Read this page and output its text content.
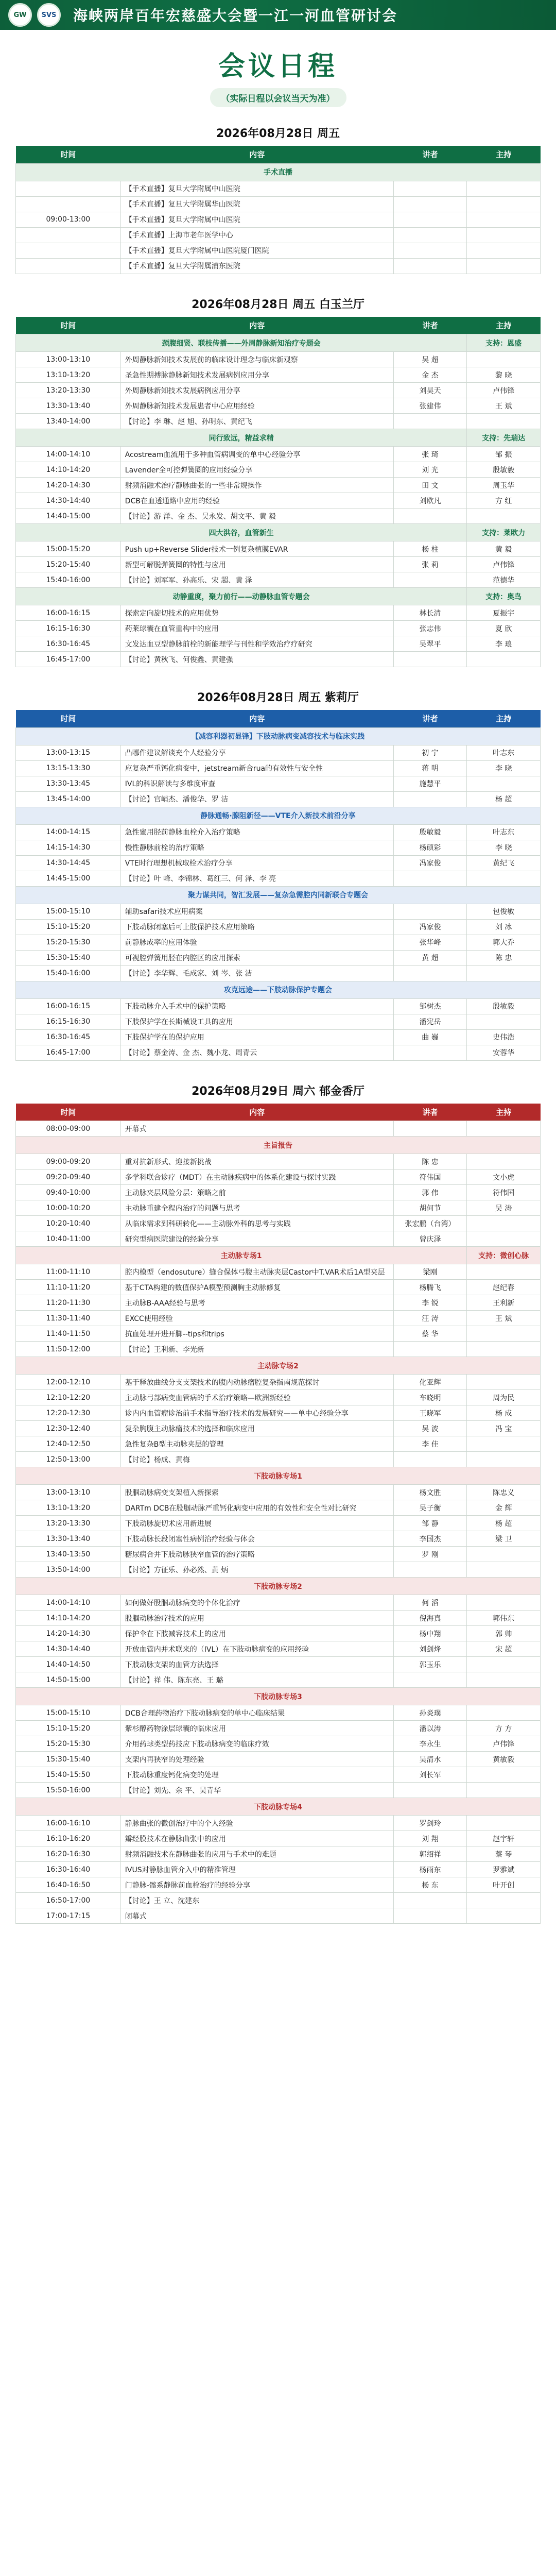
GW	SVS	海峡两岸百年宏慈盛大会暨一江一河血管研讨会
会议日程
（实际日程以会议当天为准）
2026年08月28日 周五
时间	内容	讲者	主持
手术直播			
	【手术直播】复旦大学附属中山医院		
	【手术直播】复旦大学附属华山医院		
09:00-13:00	【手术直播】复旦大学附属中山医院		
	【手术直播】上海市老年医学中心		
	【手术直播】复旦大学附属中山医院厦门医院		
	【手术直播】复旦大学附属浦东医院		
2026年08月28日 周五 白玉兰厅
时间	内容	讲者	主持
颈腹细贤、联枝传播——外周静脉新知治疗专题会			支持：恩盛
13:00-13:10	外周静脉新知技术发展前的临床设计理念与临床新观察	吴 超	
13:10-13:20	圣急性期搏脉静脉新知技术发展病例应用分享	金 杰	黎 晓
13:20-13:30	外周静脉新知技术发展病例应用分享	刘昊天	卢伟锋
13:30-13:40	外周静脉新知技术发展患者中心应用经验	张建伟	王 斌
13:40-14:00	【讨论】李 琳、赵 旭、孙明东、黄纪飞		
同行致远，精益求精			支持：先瑞达
14:00-14:10	Acostream血流用于多种血管病调变的单中心经验分享	张 琦	邹 振
14:10-14:20	Lavender全可控弹簧圈的应用经验分享	刘 光	殷敏毅
14:20-14:30	射频消融术治疗静脉曲张的一些非常规操作	田 文	周玉华
14:30-14:40	DCB在血透通路中应用的经验	刘欧凡	方 红
14:40-15:00	【讨论】游 洋、金 杰、吴永发、胡文平、黄 毅		
四大洪谷，血管新生			支持：莱欧力
15:00-15:20	Push up+Reverse Slider技术一例复杂植膜EVAR	杨 柱	黄 毅
15:20-15:40	新型可解脱弹簧圈的特性与应用	张 莉	卢伟锋
15:40-16:00	【讨论】刘军军、孙高乐、宋 超、黄 泽		范德华
动静重度，聚力前行——动静脉血管专题会			支持：奥鸟
16:00-16:15	探索定向旋切技术的应用优势	林长清	夏振宇
16:15-16:30	药莱球囊在血管重构中的应用	张志伟	夏 欣
16:30-16:45	文发达血豆型静脉前栓的新能理学与刊性和学效治疗疗研究	吴翠平	李 琅
16:45-17:00	【讨论】黄秋飞、何俊鑫、黄建强		
2026年08月28日 周五 紫莉厅
时间	内容	讲者	主持
【减容利器初显锋】下肢动脉病变减容技术与临床实践			
13:00-13:15	凸哪件建议解谈充个人经验分享	初 宁	叶志东
13:15-13:30	应复杂严重钙化病变中，jetstream新合rua的有效性与安全性	蒋 明	李 晓
13:30-13:45	IVL的科识解读与多维度审查	施慧平	
13:45-14:00	【讨论】官峭杰、潘俊华、罗 洁		杨 超
静脉通畅·腺阻新径——VTE介入新技术前沿分享			
14:00-14:15	急性蜜用胫前静脉血栓介入治疗策略	殷敏毅	叶志东
14:15-14:30	慢性静脉前栓的治疗策略	杨硕彩	李 晓
14:30-14:45	VTE时行理想机械取栓术治疗分享	冯家俊	黄纪飞
14:45-15:00	【讨论】叶 峰、李锦林、葛红三、何 泽、李 亮		
聚力谋共同，智汇发展——复杂急需腔内同新联合专题会			
15:00-15:10	辅助safari技术应用病案		包俊敏
15:10-15:20	下肢动脉闭塞后可上肢保护技术应用策略	冯家俊	刘 冰
15:20-15:30	前静脉成率的应用体验	张华峰	郭大乔
15:30-15:40	可视腔弹簧用胫在内腔区的应用探索	黄 超	陈 忠
15:40-16:00	【讨论】李华辉、毛成家、刘 岑、张 洁		
攻克远途——下肢动脉保护专题会			
16:00-16:15	下肢动脉介入手术中的保护策略	邹树杰	殷敏毅
16:15-16:30	下肢保护学在长斯械设工具的应用	潘宪岳	
16:30-16:45	下肢保护学在的保护应用	曲 巍	史伟浩
16:45-17:00	【讨论】蔡金涛、金 杰、魏小龙、周青云		安蓉华
2026年08月29日 周六 郁金香厅
时间	内容	讲者	主持
08:00-09:00	开幕式		
主旨报告			
09:00-09:20	重对抗新形式、迎接新挑战	陈 忠	
09:20-09:40	多学科联合诊疗（MDT）在主动脉疾病中的体系化建设与探讨实践	符伟国	文小虎
09:40-10:00	主动脉夹层风险分层：策略之前	郭 伟	符伟国
10:00-10:20	主动脉重建全程内治疗的问题与思考	胡何节	吴 涛
10:20-10:40	从临床需求到科研转化——主动脉外科的思考与实践	张宏鹏（台湾）	
10:40-11:00	研究型病医院建设的经验分享	曾庆泽	
主动脉专场1			支持：微创心脉
11:00-11:10	腔内模型（endosuture）缝合保体弓腹主动脉夹层Castor中T.VAR术后1A型夹层	梁刚	
11:10-11:20	基于CTA构建的数值保护A模型预测胸主动脉修复	杨腾飞	赵纪春
11:20-11:30	主动脉B-AAA经验与思考	李 锐	王利新
11:30-11:40	EXCC使用经验	汪 涛	王 斌
11:40-11:50	抗血处理开进开脚--tips和trips	蔡 华	
11:50-12:00	【讨论】王利新、李光新		
主动脉专场2			
12:00-12:10	基于释放曲线分支支架技术的腹内动脉瘤腔复杂指南规范探讨	化亚辉	
12:10-12:20	主动脉弓部病变血管病的手术治疗策略—欧洲新经验	车晓明	周为民
12:20-12:30	诊内内血管瘤诊治前手术指导治疗技术的发展研究——单中心经验分享	王晓军	杨 成
12:30-12:40	复杂胸腹主动脉瘤技术的选择和临床应用	吴 波	冯 宝
12:40-12:50	急性复杂B型主动脉夹层的管理	李 佳	
12:50-13:00	【讨论】杨成、黄梅		
下肢动脉专场1			
13:00-13:10	股腘动脉病变支架植入新探索	杨文胜	陈忠义
13:10-13:20	DARTm DCB在股腘动脉严重钙化病变中应用的有效性和安全性对比研究	吴子衡	金 辉
13:20-13:30	下肢动脉旋切术应用新进展	邹 静	杨 超
13:30-13:40	下肢动脉长段闭塞性病例治疗经验与体会	李国杰	梁 卫
13:40-13:50	糖尿病合并下肢动脉狭窄血管的治疗策略	罗 刚	
13:50-14:00	【讨论】方征乐、孙必然、黄 炳		
下肢动脉专场2			
14:00-14:10	如何做好股腘动脉病变的个体化治疗	何 滔	
14:10-14:20	股腘动脉治疗技术的应用	倪海真	郭伟东
14:20-14:30	保护伞在下肢减容技术上的应用	杨中翔	郭 帅
14:30-14:40	开放血管内并术联来的（IVL）在下肢动脉病变的应用经验	刘剑烽	宋 超
14:40-14:50	下肢动脉支架的血管方法选择	郭玉乐	
14:50-15:00	【讨论】祥 伟、陈东亮、王 璐		
下肢动脉专场3			
15:00-15:10	DCB合理药物治疗下肢动脉病变的单中心临床结果	孙炎璞	
15:10-15:20	紫杉醇药物涂层球囊的临床应用	潘以涛	方 方
15:20-15:30	介用药球类型药技应下肢动脉病变的临床疗效	李永生	卢伟锋
15:30-15:40	支架内再狭窄的处理经验	吴清水	黄敏毅
15:40-15:50	下肢动脉重度钙化病变的处理	刘长军	
15:50-16:00	【讨论】刘先、余 平、吴青华		
下肢动脉专场4			
16:00-16:10	静脉曲张的微创治疗中的个人经验	罗剑玲	
16:10-16:20	瓣经膜技术在静脉曲张中的应用	刘 翔	赵宇轩
16:20-16:30	射频消融技术在静脉曲张的应用与手术中的难题	郭绍祥	蔡 琴
16:30-16:40	IVUS对静脉血管介入中的精准管理	杨雨东	罗雅斌
16:40-16:50	门静脉-髂系静脉前血栓治疗的经验分享	杨 东	叶开创
16:50-17:00	【讨论】王 立、沈建东		
17:00-17:15	闭幕式		
